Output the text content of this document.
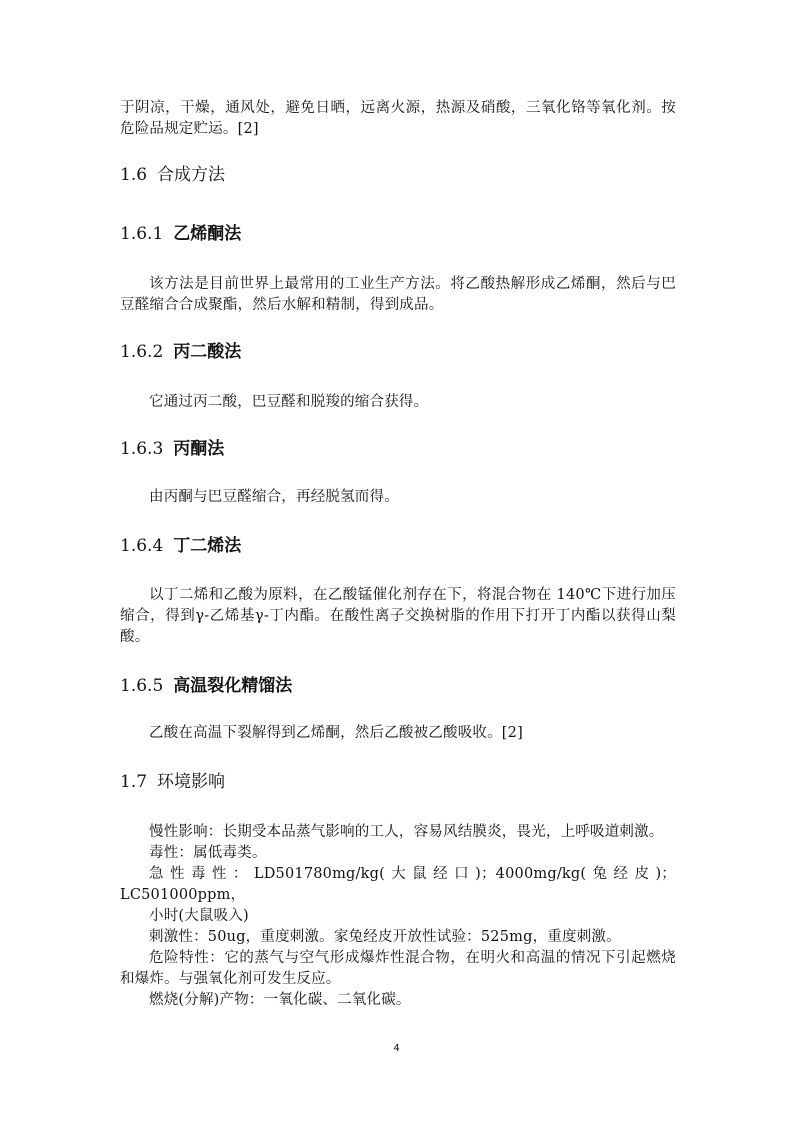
于阴凉，干燥，通风处，避免日晒，远离火源，热源及硝酸，三氧化铬等氧化剂。按危险品规定贮运。[2]

1.6 合成方法
1.6.1 乙烯酮法

该方法是目前世界上最常用的工业生产方法。将乙酸热解形成乙烯酮，然后与巴豆醛缩合合成聚酯，然后水解和精制，得到成品。

1.6.2 丙二酸法

它通过丙二酸，巴豆醛和脱羧的缩合获得。

1.6.3 丙酮法

由丙酮与巴豆醛缩合，再经脱氢而得。

1.6.4 丁二烯法

以丁二烯和乙酸为原料，在乙酸锰催化剂存在下，将混合物在 140℃下进行加压缩合，得到γ-乙烯基γ-丁内酯。在酸性离子交换树脂的作用下打开丁内酯以获得山梨酸。

1.6.5 高温裂化精馏法

乙酸在高温下裂解得到乙烯酮，然后乙酸被乙酸吸收。[2]

1.7 环境影响

慢性影响：长期受本品蒸气影响的工人，容易风结膜炎，畏光，上呼吸道刺激。

毒性：属低毒类。

急性毒性：LD501780mg/kg(大鼠经口)；4000mg/kg(兔经皮)；LC501000ppm，

小时(大鼠吸入)

刺激性：50ug，重度刺激。家兔经皮开放性试验：525mg，重度刺激。

危险特性：它的蒸气与空气形成爆炸性混合物，在明火和高温的情况下引起燃烧和爆炸。与强氧化剂可发生反应。

燃烧(分解)产物：一氧化碳、二氧化碳。

4
